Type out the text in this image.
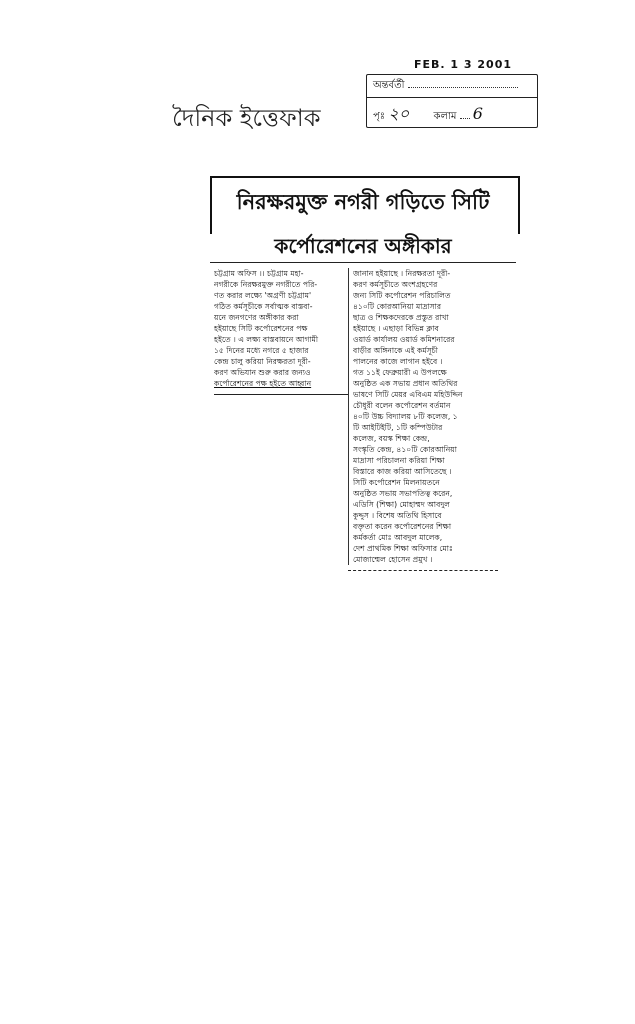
FEB. 1 3 2001
অন্তর্বর্তী
পৃঃ ২০ কলাম 6
দৈনিক ইত্তেফাক
নিরক্ষরমুক্ত নগরী গড়িতে সিটি
কর্পোরেশনের অঙ্গীকার

চট্টগ্রাম অফিস ।। চট্টগ্রাম মহা-

নগরীকে নিরক্ষরমুক্ত নগরীতে পরি-

ণত করার লক্ষ্যে 'অগ্রণী চট্টগ্রাম'

গঠিত কর্মসূচীকে সর্বাত্মক বাস্তবা-

য়নে জনগণের অঙ্গীকার করা

হইয়াছে সিটি কর্পোরেশনের পক্ষ

হইতে । এ লক্ষ্য বাস্তবায়নে আগামী

১৫ দিনের মধ্যে নগরে ৫ হাজার

কেন্দ্র চালু করিয়া নিরক্ষরতা দূরী-

করণ অভিযান শুরু করার জন্যও

কর্পোরেশনের পক্ষ হইতে আহ্বান

জানান হইয়াছে । নিরক্ষরতা দূরী-

করণ কর্মসূচীতে অংশগ্রহণের

জন্য সিটি কর্পোরেশন পরিচালিত

৪১০টি কোরআনিয়া মাদ্রাসার

ছাত্র ও শিক্ষকদেরকে প্রস্তুত রাখা

হইয়াছে । এছাড়া বিভিন্ন ক্লাব

ওয়ার্ড কার্যালয় ওয়ার্ড কমিশনারের

বাড়ীর অঙ্গিনাকে এই কর্মসূচী

পালনের কাজে লাগান হইবে ।

গত ১১ই ফেব্রুয়ারী এ উপলক্ষে

অনুষ্ঠিত এক সভায় প্রধান অতিথির

ভাষণে সিটি মেয়র এবিএম মহিউদ্দিন

চৌধুরী বলেন কর্পোরেশন বর্তমান

৪০টি উচ্চ বিদ্যালয় ৮টি কলেজ, ১

টি আইটিইটি, ১টি কম্পিউটার

কলেজ, বয়স্ক শিক্ষা কেন্দ্র,

সংস্কৃতি কেন্দ্র, ৪১০টি কোরআনিয়া

মাদ্রাসা পরিচালনা করিয়া শিক্ষা

বিস্তারে কাজ করিয়া আসিতেছে ।

সিটি কর্পোরেশন মিলনায়তনে

অনুষ্ঠিত সভায় সভাপতিত্ব করেন,

এডিসি (শিক্ষা) মোহাম্মদ আবদুল

কুদ্দুস । বিশেষ অতিথি হিসাবে

বক্তৃতা করেন কর্পোরেশনের শিক্ষা

কর্মকর্তা মোঃ আবদুল মালেক,

দেশ প্রাথমিক শিক্ষা অফিসার মোঃ

মোজাম্মেল হোসেন প্রমুখ ।
